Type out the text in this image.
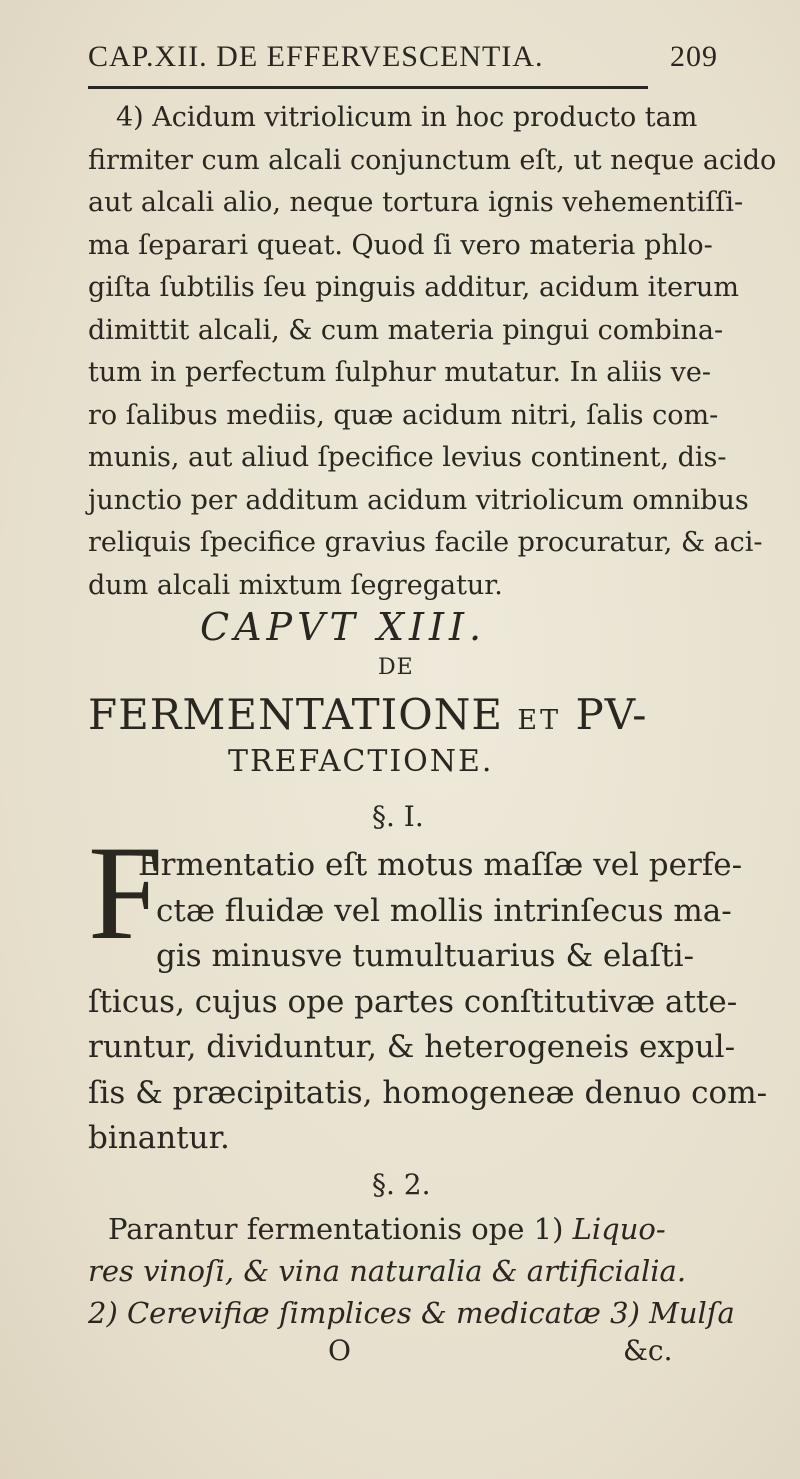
CAP.XII. DE EFFERVESCENTIA.	209
4) Acidum vitriolicum in hoc producto tam
firmiter cum alcali conjunctum eſt, ut neque acido
aut alcali alio, neque tortura ignis vehementiſſi-
ma ſeparari queat. Quod ſi vero materia phlo-
giſta ſubtilis ſeu pinguis additur, acidum iterum
dimittit alcali, & cum materia pingui combina-
tum in perfectum ſulphur mutatur. In aliis ve-
ro ſalibus mediis, quæ acidum nitri, ſalis com-
munis, aut aliud ſpecifice levius continent, dis-
junctio per additum acidum vitriolicum omnibus
reliquis ſpecifice gravius facile procuratur, & aci-
dum alcali mixtum ſegregatur.
CAPVT XIII.
DE
FERMENTATIONE ET PV-
TREFACTIONE.
§. I.
F
Ermentatio eſt motus maſſæ vel perfe-
ctæ fluidæ vel mollis intrinſecus ma-
gis minusve tumultuarius & elaſti-
ſticus, cujus ope partes conſtitutivæ atte-
runtur, dividuntur, & heterogeneis expul-
ſis & præcipitatis, homogeneæ denuo com-
binantur.
§. 2.
Parantur fermentationis ope 1) Liquo-
res vinoſi, & vina naturalia & artificialia.
2) Cerevifiæ ſimplices & medicatæ 3) Mulſa
O	&c.
